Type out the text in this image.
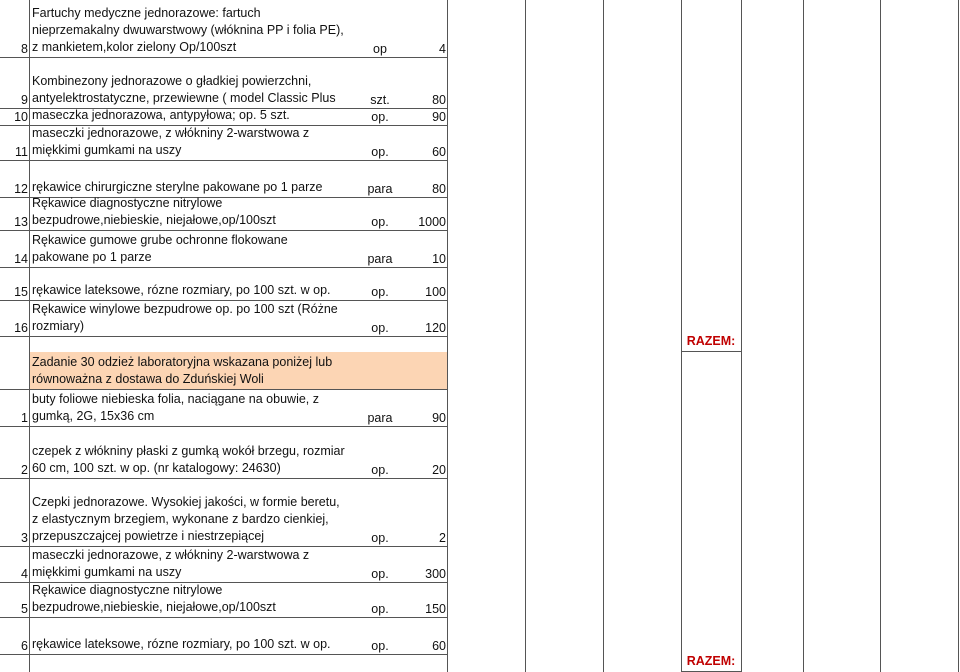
8
Fartuchy medyczne jednorazowe: fartuch
nieprzemakalny dwuwarstwowy (włóknina PP i folia PE),
z mankietem,kolor zielony Op/100szt	op	4
9
Kombinezony jednorazowe o gładkiej powierzchni,
antyelektrostatyczne, przewiewne ( model Classic Plus	szt.	80
10 maseczka jednorazowa, antypyłowa; op. 5 szt.	op.	90
11
maseczki jednorazowe, z włókniny 2-warstwowa z
miękkimi gumkami na uszy	op.	60
12 rękawice chirurgiczne sterylne pakowane po 1 parze	para	80
13
Rękawice diagnostyczne nitrylowe
bezpudrowe,niebieskie, niejałowe,op/100szt	op.	1000
14
Rękawice gumowe grube ochronne flokowane
pakowane po 1 parze	para	10
15 rękawice lateksowe, rózne rozmiary, po 100 szt. w op.	op.	100
16
Rękawice winylowe bezpudrowe op. po 100 szt (Różne
rozmiary)	op.	120
Zadanie 30 odzież laboratoryjna wskazana poniżej lub
równoważna z dostawa do Zduńskiej Woli
1
buty foliowe niebieska folia, naciągane na obuwie, z
gumką, 2G, 15x36 cm	para	90
2
czepek z włókniny płaski z gumką wokół brzegu, rozmiar
60 cm, 100 szt. w op. (nr katalogowy: 24630)	op.	20
3
Czepki jednorazowe. Wysokiej jakości, w formie beretu,
z elastycznym brzegiem, wykonane z bardzo cienkiej,
przepuszczajcej powietrze i niestrzepiącej	op.	2
4
maseczki jednorazowe, z włókniny 2-warstwowa z
miękkimi gumkami na uszy	op.	300
5
Rękawice diagnostyczne nitrylowe
bezpudrowe,niebieskie, niejałowe,op/100szt	op.	150
6 rękawice lateksowe, rózne rozmiary, po 100 szt. w op.	op.	60
RAZEM:
RAZEM:
